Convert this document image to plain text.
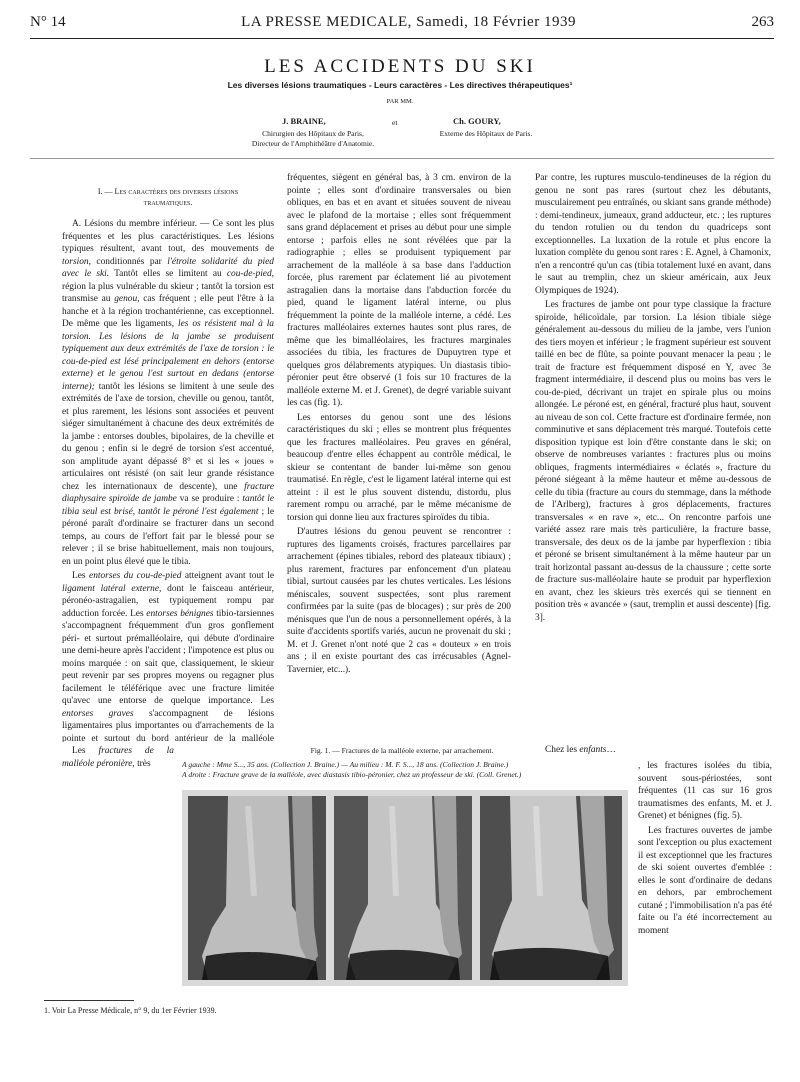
N° 14	LA PRESSE MEDICALE, Samedi, 18 Février 1939	263
LES ACCIDENTS DU SKI
Les diverses lésions traumatiques - Leurs caractères - Les directives thérapeutiques¹
PAR MM.
J. BRAINE,	et	Ch. GOURY,
Chirurgien des Hôpitaux de Paris,
Directeur de l'Amphithéâtre d'Anatomie.
Externe des Hôpitaux de Paris.
I. — Les caractères des diverses lésions
traumatiques.

A. Lésions du membre inférieur. — Ce sont les plus fréquentes et les plus caractéristiques. Les lésions typiques résultent, avant tout, des mouvements de torsion, conditionnés par l'étroite solidarité du pied avec le ski. Tantôt elles se limitent au cou-de-pied, région la plus vulnérable du skieur ; tantôt la torsion est transmise au genou, cas fréquent ; elle peut l'être à la hanche et à la région trochantérienne, cas exceptionnel. De même que les ligaments, les os résistent mal à la torsion. Les lésions de la jambe se produisent typiquement aux deux extrémités de l'axe de torsion : le cou-de-pied est lésé principalement en dehors (entorse externe) et le genou l'est surtout en dedans (entorse interne); tantôt les lésions se limitent à une seule des extrémités de l'axe de torsion, cheville ou genou, tantôt, et plus rarement, les lésions sont associées et peuvent siéger simultanément à chacune des deux extrémités de la jambe : entorses doubles, bipolaires, de la cheville et du genou ; enfin si le degré de torsion s'est accentué, son amplitude ayant dépassé 8° et si les « joues » articulaires ont résisté (on sait leur grande résistance chez les internationaux de descente), une fracture diaphysaire spiroïde de jambe va se produire : tantôt le tibia seul est brisé, tantôt le péroné l'est également ; le péroné paraît d'ordinaire se fracturer dans un second temps, au cours de l'effort fait par le blessé pour se relever ; il se brise habituellement, mais non toujours, en un point plus élevé que le tibia.

Les entorses du cou-de-pied atteignent avant tout le ligament latéral externe, dont le faisceau antérieur, péronéo-astragalien, est typiquement rompu par adduction forcée. Les entorses bénignes tibio-tarsiennes s'accompagnent fréquemment d'un gros gonflement péri- et surtout prémalléolaire, qui débute d'ordinaire une demi-heure après l'accident ; l'impotence est plus ou moins marquée : on sait que, classiquement, le skieur peut revenir par ses propres moyens ou regagner plus facilement le téléférique avec une fracture limitée qu'avec une entorse de quelque importance. Les entorses graves s'accompagnent de lésions ligamentaires plus importantes ou d'arrachements de la pointe et surtout du bord antérieur de la malléole

Les fractures de la malléole péronière, très

fréquentes, siègent en général bas, à 3 cm. environ de la pointe ; elles sont d'ordinaire transversales ou bien obliques, en bas et en avant et situées souvent de niveau avec le plafond de la mortaise ; elles sont fréquemment sans grand déplacement et prises au début pour une simple entorse ; parfois elles ne sont révélées que par la radiographie ; elles se produisent typiquement par arrachement de la malléole à sa base dans l'adduction forcée, plus rarement par éclatement lié au pivotement astragalien dans la mortaise dans l'abduction forcée du pied, quand le ligament latéral interne, ou plus fréquemment la pointe de la malléole interne, a cédé. Les fractures malléolaires externes hautes sont plus rares, de même que les bimalléolaires, les fractures marginales associées du tibia, les fractures de Dupuytren type et quelques gros délabrements atypiques. Un diastasis tibio-péronier peut être observé (1 fois sur 10 fractures de la malléole externe M. et J. Grenet), de degré variable suivant les cas (fig. 1).

Les entorses du genou sont une des lésions caractéristiques du ski ; elles se montrent plus fréquentes que les fractures malléolaires. Peu graves en général, beaucoup d'entre elles échappent au contrôle médical, le skieur se contentant de bander lui-même son genou traumatisé. En règle, c'est le ligament latéral interne qui est atteint : il est le plus souvent distendu, distordu, plus rarement rompu ou arraché, par le même mécanisme de torsion qui donne lieu aux fractures spiroïdes du tibia.

D'autres lésions du genou peuvent se rencontrer : ruptures des ligaments croisés, fractures parcellaires par arrachement (épines tibiales, rebord des plateaux tibiaux) ; plus rarement, fractures par enfoncement d'un plateau tibial, surtout causées par les chutes verticales. Les lésions méniscales, souvent suspectées, sont plus rarement confirmées par la suite (pas de blocages) ; sur près de 200 ménisques que l'un de nous a personnellement opérés, à la suite d'accidents sportifs variés, aucun ne provenait du ski ; M. et J. Grenet n'ont noté que 2 cas « douteux » en trois ans ; il en existe pourtant des cas irrécusables (Agnel-Tavernier, etc...).

Par contre, les ruptures musculo-tendineuses de la région du genou ne sont pas rares (surtout chez les débutants, musculairement peu entraînés, ou skiant sans grande méthode) : demi-tendineux, jumeaux, grand adducteur, etc. ; les ruptures du tendon rotulien ou du tendon du quadriceps sont exceptionnelles. La luxation de la rotule et plus encore la luxation complète du genou sont rares : E. Agnel, à Chamonix, n'en a rencontré qu'un cas (tibia totalement luxé en avant, dans le saut au tremplin, chez un skieur américain, aux Jeux Olympiques de 1924).

Les fractures de jambe ont pour type classique la fracture spiroïde, hélicoïdale, par torsion. La lésion tibiale siège généralement au-dessous du milieu de la jambe, vers l'union des tiers moyen et inférieur ; le fragment supérieur est souvent taillé en bec de flûte, sa pointe pouvant menacer la peau ; le trait de fracture est fréquemment disposé en Y, avec 3e fragment intermédiaire, il descend plus ou moins bas vers le cou-de-pied, décrivant un trajet en spirale plus ou moins allongée. Le péroné est, en général, fracturé plus haut, souvent au niveau de son col. Cette fracture est d'ordinaire fermée, non comminutive et sans déplacement très marqué. Toutefois cette disposition typique est loin d'être constante dans le ski; on observe de nombreuses variantes : fractures plus ou moins obliques, fragments intermédiaires « éclatés », fracture du péroné siégeant à la même hauteur et même au-dessous de celle du tibia (fracture au cours du stemmage, dans la méthode de l'Arlberg), fractures à gros déplacements, fractures transversales « en rave », etc... On rencontre parfois une variété assez rare mais très particulière, la fracture basse, transversale, des deux os de la jambe par hyperflexion : tibia et péroné se brisent simultanément à la même hauteur par un trait horizontal passant au-dessus de la chaussure ; cette sorte de fracture sus-malléolaire haute se produit par hyperflexion en avant, chez les skieurs très exercés qui se tiennent en position très « avancée » (saut, tremplin et aussi descente) [fig. 3].

Chez les enfants…

, les fractures isolées du tibia, souvent sous-périostées, sont fréquentes (11 cas sur 16 gros traumatismes des enfants, M. et J. Grenet) et bénignes (fig. 5).

Les fractures ouvertes de jambe sont l'exception ou plus exactement il est exceptionnel que les fractures de ski soient ouvertes d'emblée : elles le sont d'ordinaire de dedans en dehors, par embrochement cutané ; l'immobilisation n'a pas été faite ou l'a été incorrectement au moment

Fig. 1. — Fractures de la malléole externe, par arrachement.
A gauche : Mme S..., 35 ans. (Collection J. Braine.) — Au milieu : M. F. S..., 18 ans. (Collection J. Braine.)
A droite : Fracture grave de la malléole, avec diastasis tibio-péronier, chez un professeur de ski. (Coll. Grenet.)
1. Voir La Presse Médicale, n° 9, du 1er Février 1939.
